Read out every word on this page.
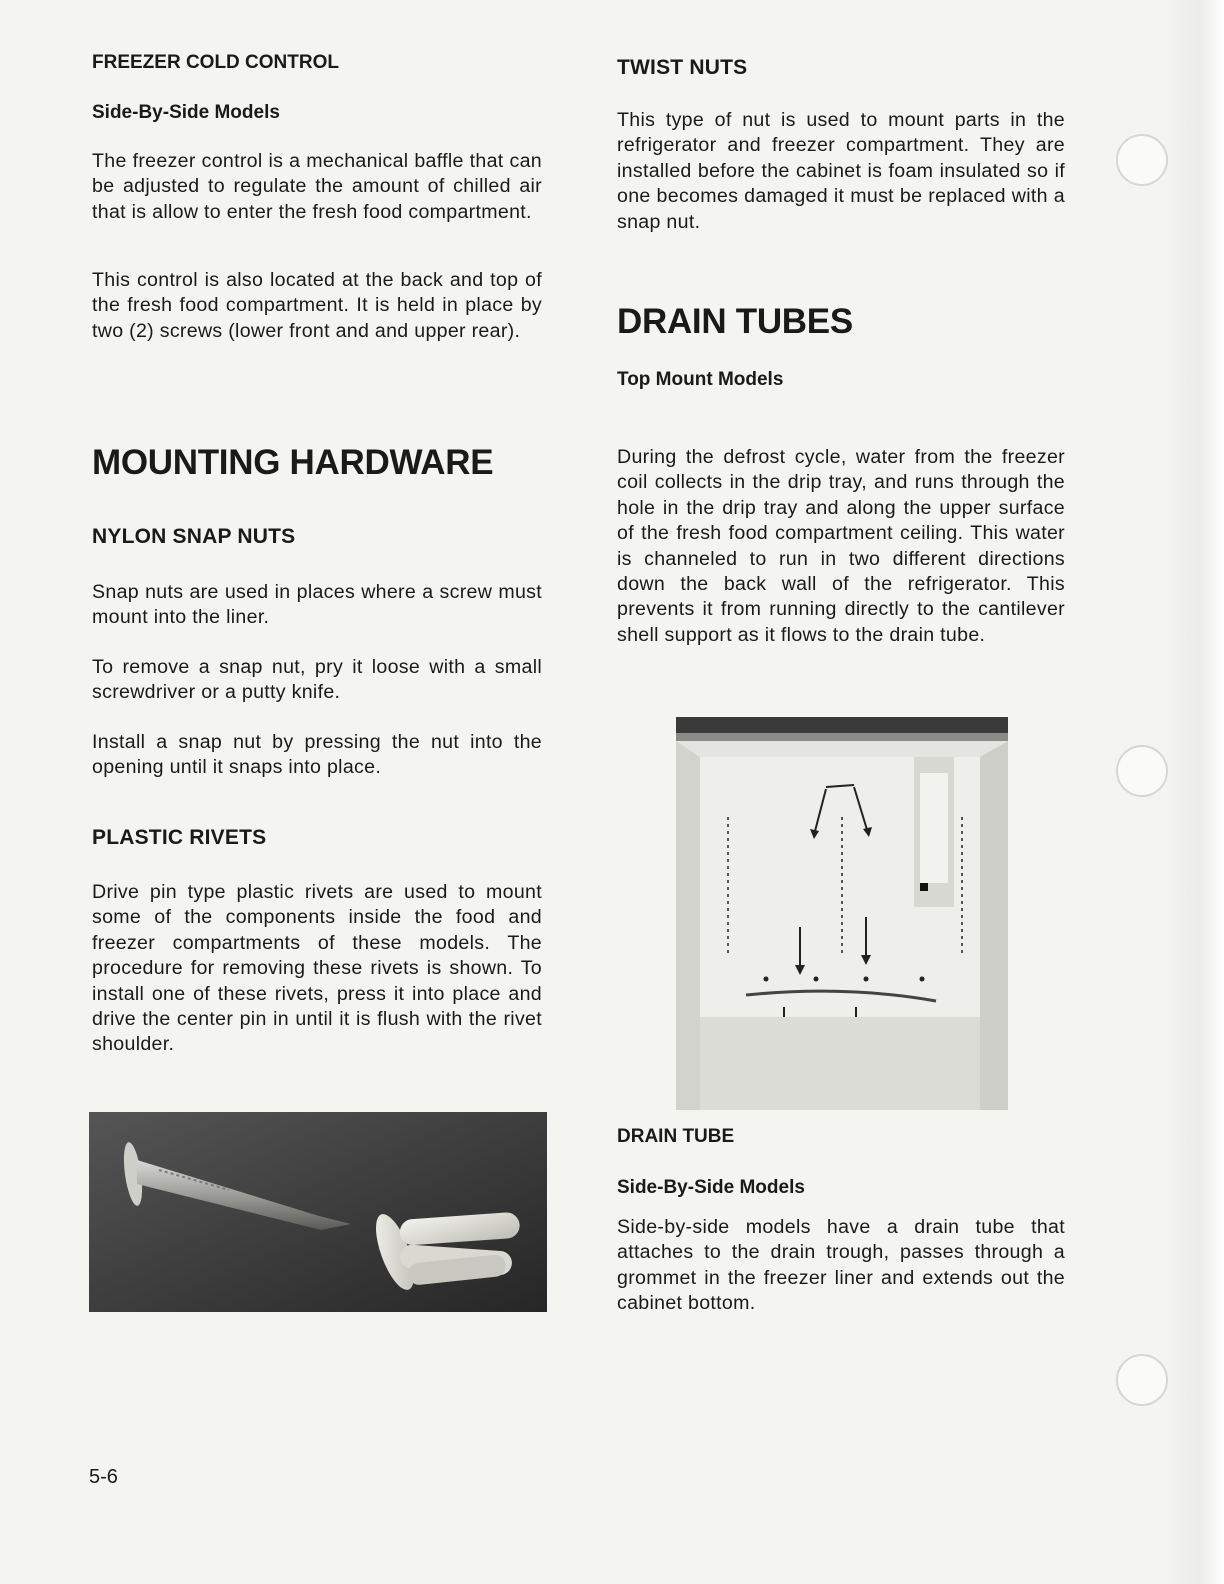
FREEZER COLD CONTROL
Side-By-Side Models

The freezer control is a mechanical baffle that can be adjusted to regulate the amount of chilled air that is allow to enter the fresh food compartment.

This control is also located at the back and top of the fresh food compartment. It is held in place by two (2) screws (lower front and and upper rear).

MOUNTING HARDWARE
NYLON SNAP NUTS

Snap nuts are used in places where a screw must mount into the liner.

To remove a snap nut, pry it loose with a small screwdriver or a putty knife.

Install a snap nut by pressing the nut into the opening until it snaps into place.

PLASTIC RIVETS

Drive pin type plastic rivets are used to mount some of the components inside the food and freezer compartments of these models. The procedure for removing these rivets is shown. To install one of these rivets, press it into place and drive the center pin in until it is flush with the rivet shoulder.

5-6
TWIST NUTS

This type of nut is used to mount parts in the refrigerator and freezer compartment. They are installed before the cabinet is foam insulated so if one becomes damaged it must be replaced with a snap nut.

DRAIN TUBES
Top Mount Models

During the defrost cycle, water from the freezer coil collects in the drip tray, and runs through the hole in the drip tray and along the upper surface of the fresh food compartment ceiling. This water is channeled to run in two different directions down the back wall of the refrigerator. This prevents it from running directly to the cantilever shell support as it flows to the drain tube.

DRAIN TUBE
Side-By-Side Models

Side-by-side models have a drain tube that attaches to the drain trough, passes through a grommet in the freezer liner and extends out the cabinet bottom.
